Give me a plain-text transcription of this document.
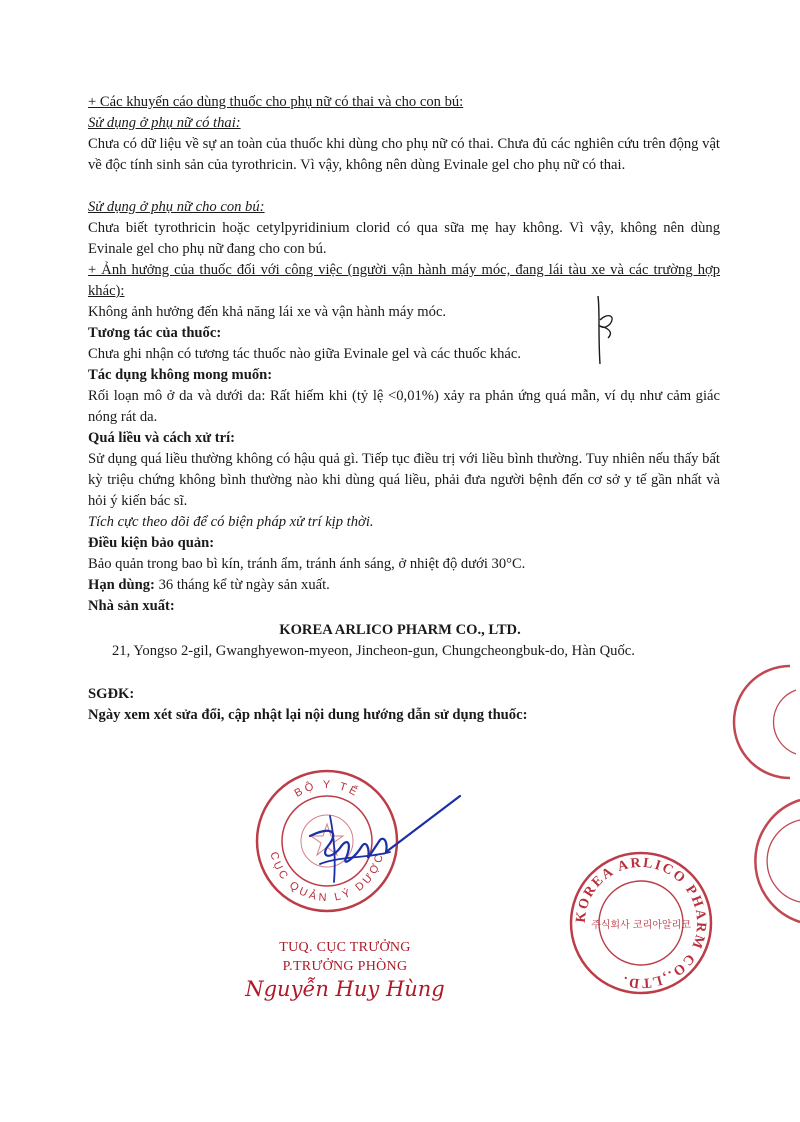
+ Các khuyến cáo dùng thuốc cho phụ nữ có thai và cho con bú:
Sử dụng ở phụ nữ có thai:
Chưa có dữ liệu về sự an toàn của thuốc khi dùng cho phụ nữ có thai. Chưa đủ các nghiên cứu trên động vật về độc tính sinh sản của tyrothricin. Vì vậy, không nên dùng Evinale gel cho phụ nữ có thai.
Sử dụng ở phụ nữ cho con bú:
Chưa biết tyrothricin hoặc cetylpyridinium clorid có qua sữa mẹ hay không. Vì vậy, không nên dùng Evinale gel cho phụ nữ đang cho con bú.
+ Ảnh hưởng của thuốc đối với công việc (người vận hành máy móc, đang lái tàu xe và các trường hợp khác):
Không ảnh hưởng đến khả năng lái xe và vận hành máy móc.
Tương tác của thuốc:
Chưa ghi nhận có tương tác thuốc nào giữa Evinale gel và các thuốc khác.
Tác dụng không mong muốn:
Rối loạn mô ở da và dưới da: Rất hiếm khi (tỷ lệ <0,01%) xảy ra phản ứng quá mẫn, ví dụ như cảm giác nóng rát da.
Quá liều và cách xử trí:
Sử dụng quá liều thường không có hậu quả gì. Tiếp tục điều trị với liều bình thường. Tuy nhiên nếu thấy bất kỳ triệu chứng không bình thường nào khi dùng quá liều, phải đưa người bệnh đến cơ sở y tế gần nhất và hỏi ý kiến bác sĩ.
Tích cực theo dõi để có biện pháp xử trí kịp thời.
Điều kiện bảo quản:
Bảo quản trong bao bì kín, tránh ẩm, tránh ánh sáng, ở nhiệt độ dưới 30°C.
Hạn dùng: 36 tháng kể từ ngày sản xuất.
Nhà sản xuất:
KOREA ARLICO PHARM CO., LTD.
21, Yongso 2-gil, Gwanghyewon-myeon, Jincheon-gun, Chungcheongbuk-do, Hàn Quốc.
SGĐK:
Ngày xem xét sửa đổi, cập nhật lại nội dung hướng dẫn sử dụng thuốc:
BỘ Y TẾ
CỤC QUẢN LÝ DƯỢC
TUQ. CỤC TRƯỞNG
P.TRƯỞNG PHÒNG
Nguyễn Huy Hùng
KOREA ARLICO PHARM CO.,LTD.
주식회사 코리아알리코
